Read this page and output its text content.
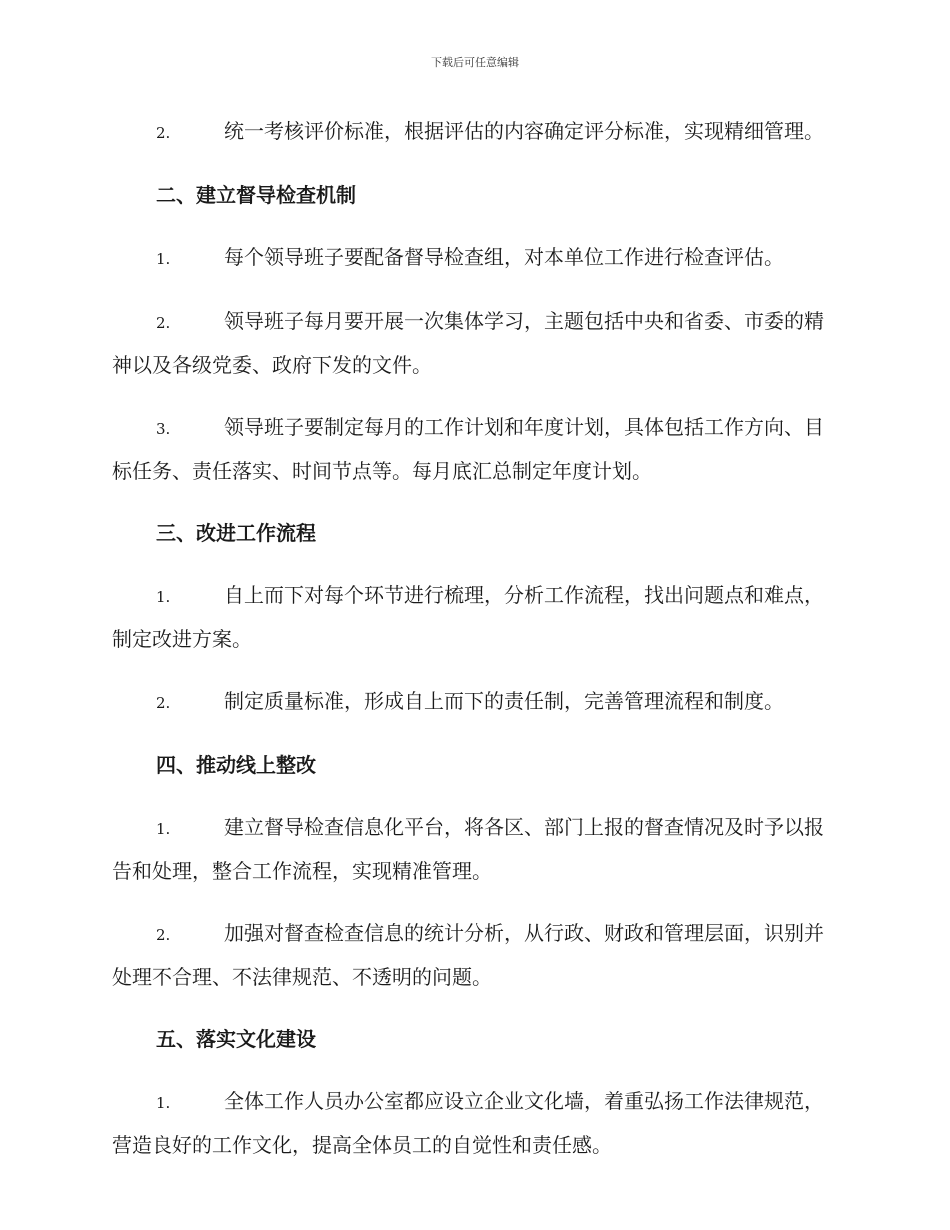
下载后可任意编辑

2.	统一考核评价标准，根据评估的内容确定评分标准，实现精细管理。

二、建立督导检查机制

1.	每个领导班子要配备督导检查组，对本单位工作进行检查评估。

2.	领导班子每月要开展一次集体学习，主题包括中央和省委、市委的精神以及各级党委、政府下发的文件。

3.	领导班子要制定每月的工作计划和年度计划，具体包括工作方向、目标任务、责任落实、时间节点等。每月底汇总制定年度计划。

三、改进工作流程

1.	自上而下对每个环节进行梳理，分析工作流程，找出问题点和难点，制定改进方案。

2.	制定质量标准，形成自上而下的责任制，完善管理流程和制度。

四、推动线上整改

1.	建立督导检查信息化平台，将各区、部门上报的督查情况及时予以报告和处理，整合工作流程，实现精准管理。

2.	加强对督查检查信息的统计分析，从行政、财政和管理层面，识别并处理不合理、不法律规范、不透明的问题。

五、落实文化建设

1.	全体工作人员办公室都应设立企业文化墙，着重弘扬工作法律规范，营造良好的工作文化，提高全体员工的自觉性和责任感。
